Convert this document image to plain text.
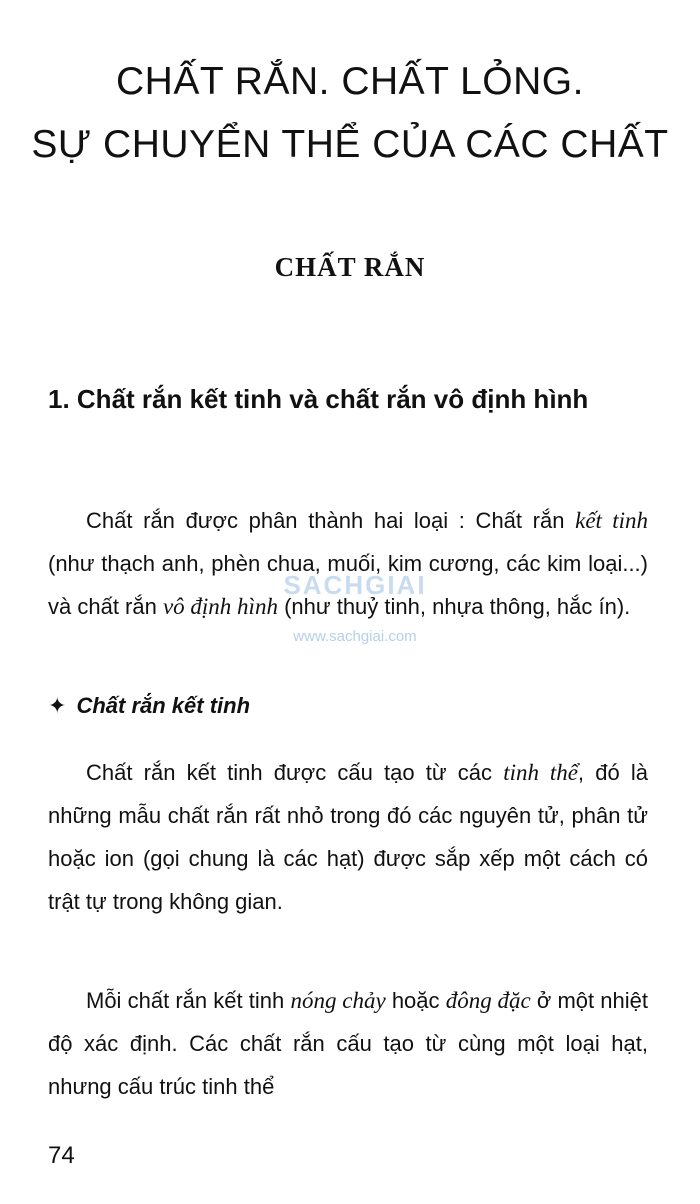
CHẤT RẮN. CHẤT LỎNG.
SỰ CHUYỂN THỂ CỦA CÁC CHẤT
CHẤT RẮN
1. Chất rắn kết tinh và chất rắn vô định hình
Chất rắn được phân thành hai loại : Chất rắn kết tinh (như thạch anh, phèn chua, muối, kim cương, các kim loại...) và chất rắn vô định hình (như thuỷ tinh, nhựa thông, hắc ín).
✦ Chất rắn kết tinh
Chất rắn kết tinh được cấu tạo từ các tinh thể, đó là những mẫu chất rắn rất nhỏ trong đó các nguyên tử, phân tử hoặc ion (gọi chung là các hạt) được sắp xếp một cách có trật tự trong không gian.
Mỗi chất rắn kết tinh nóng chảy hoặc đông đặc ở một nhiệt độ xác định. Các chất rắn cấu tạo từ cùng một loại hạt, nhưng cấu trúc tinh thể
74
SACHGIAI
www.sachgiai.com
